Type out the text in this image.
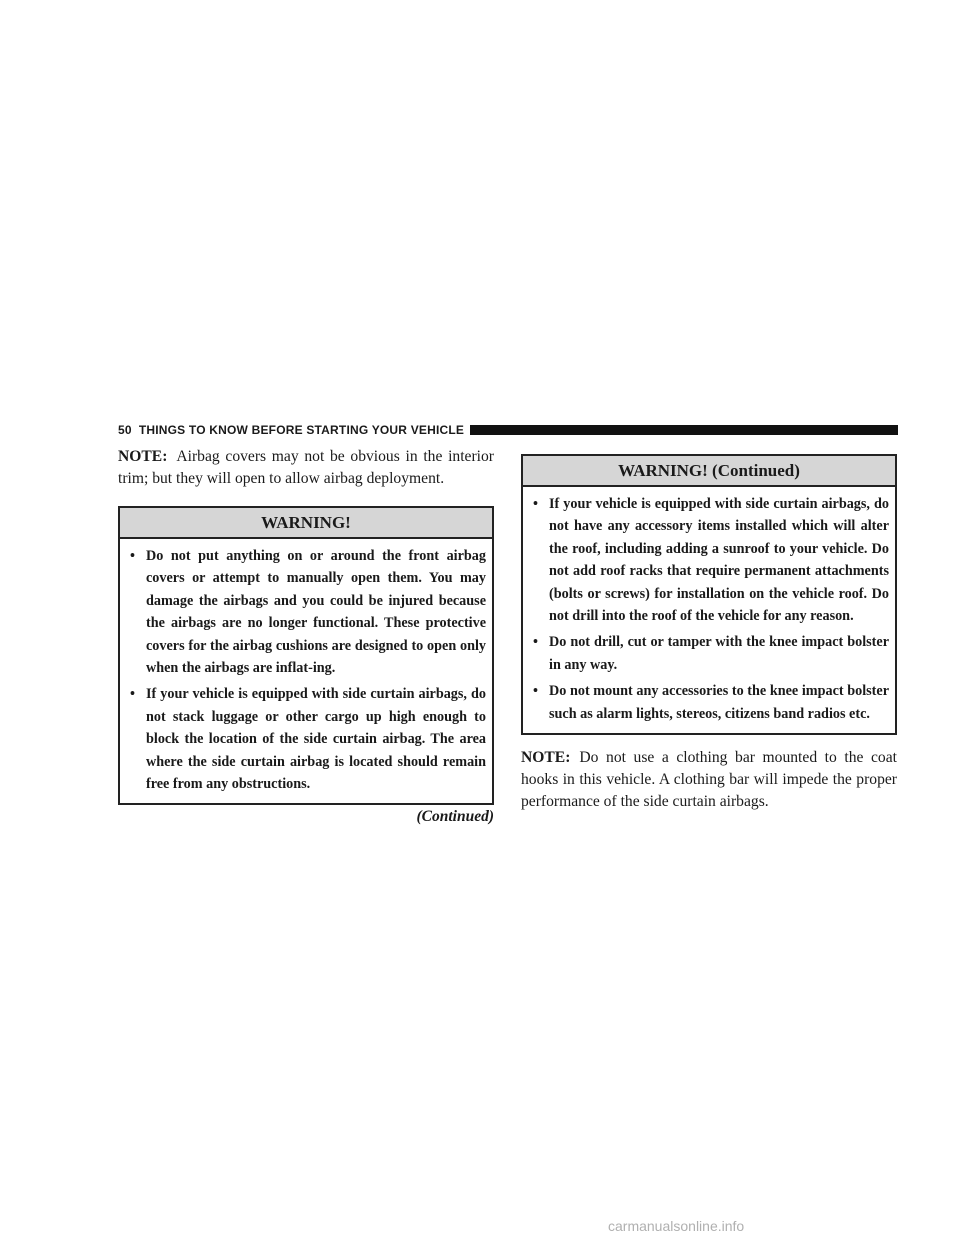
50 THINGS TO KNOW BEFORE STARTING YOUR VEHICLE

NOTE: Airbag covers may not be obvious in the interior trim; but they will open to allow airbag deployment.

WARNING!
• Do not put anything on or around the front airbag covers or attempt to manually open them. You may damage the airbags and you could be injured because the airbags are no longer functional. These protective covers for the airbag cushions are designed to open only when the airbags are inflat-ing.
• If your vehicle is equipped with side curtain airbags, do not stack luggage or other cargo up high enough to block the location of the side curtain airbag. The area where the side curtain airbag is located should remain free from any obstructions.
(Continued)
WARNING! (Continued)
• If your vehicle is equipped with side curtain airbags, do not have any accessory items installed which will alter the roof, including adding a sunroof to your vehicle. Do not add roof racks that require permanent attachments (bolts or screws) for installation on the vehicle roof. Do not drill into the roof of the vehicle for any reason.
• Do not drill, cut or tamper with the knee impact bolster in any way.
• Do not mount any accessories to the knee impact bolster such as alarm lights, stereos, citizens band radios etc.

NOTE: Do not use a clothing bar mounted to the coat hooks in this vehicle. A clothing bar will impede the proper performance of the side curtain airbags.

carmanualsonline.info
